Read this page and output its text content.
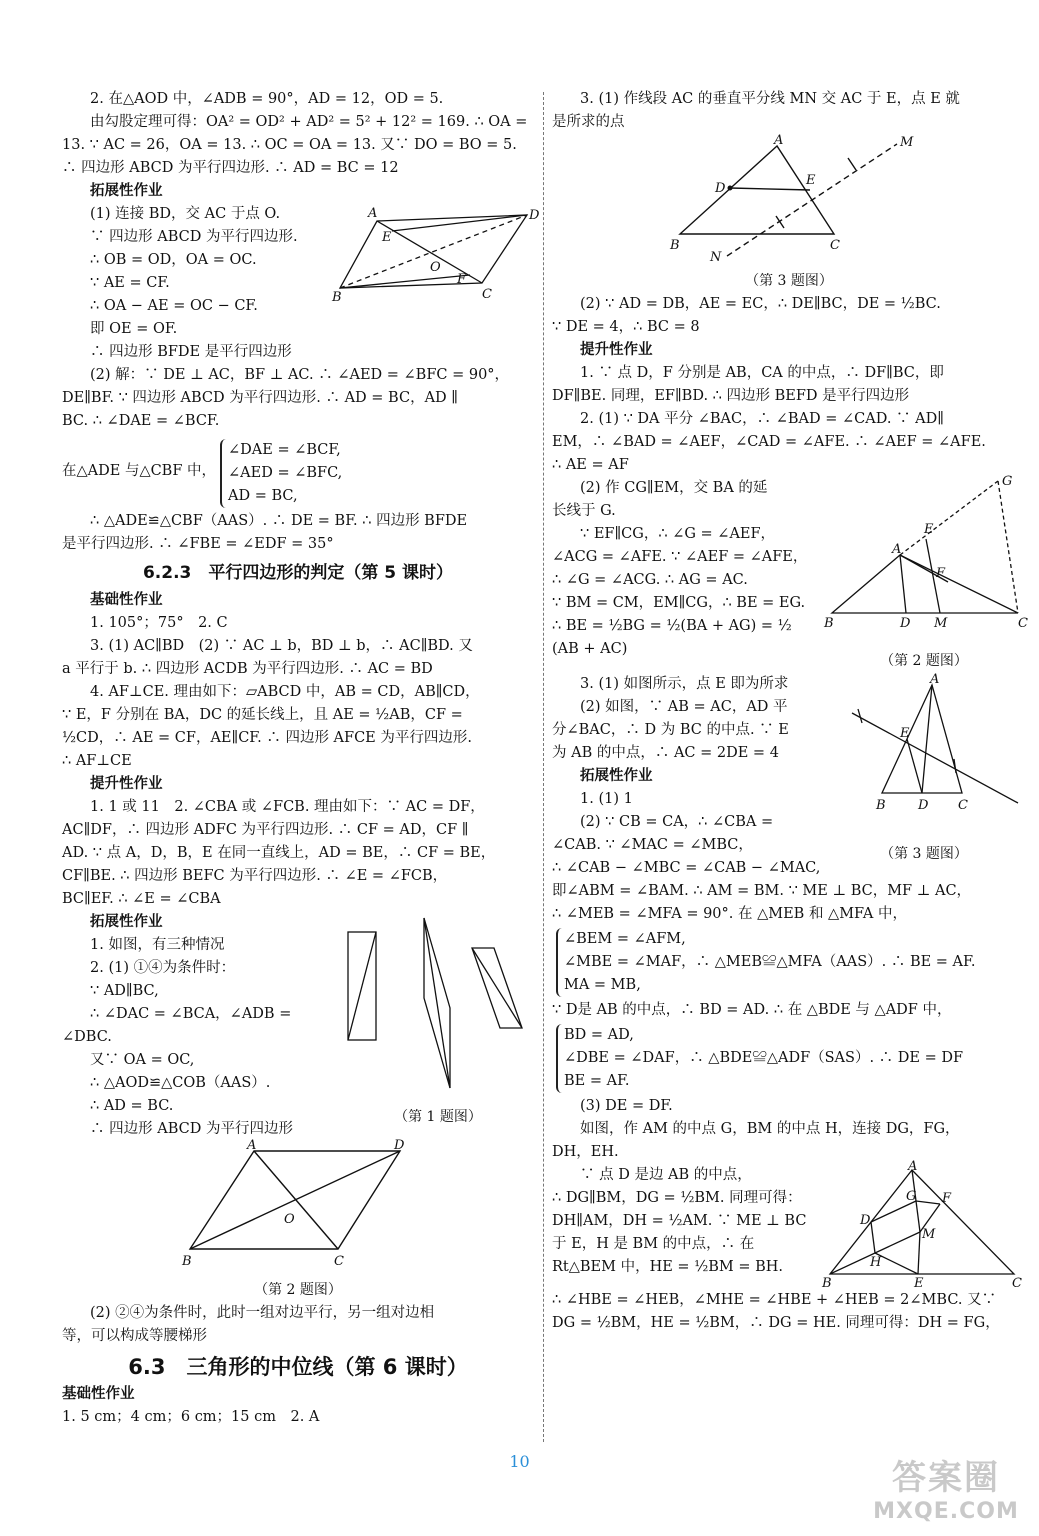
2. 在△AOD 中，∠ADB = 90°，AD = 12，OD = 5.
由勾股定理可得：OA² = OD² + AD² = 5² + 12² = 169. ∴ OA =
13. ∵ AC = 26，OA = 13. ∴ OC = OA = 13. 又∵ DO = BO = 5.
∴ 四边形 ABCD 为平行四边形. ∴ AD = BC = 12
拓展性作业
(1) 连接 BD，交 AC 于点 O.
∵ 四边形 ABCD 为平行四边形.
∴ OB = OD，OA = OC.
∵ AE = CF.
∴ OA − AE = OC − CF.
即 OE = OF.
∴ 四边形 BFDE 是平行四边形
A	D
B	C
E
F
O
(2) 解：∵ DE ⊥ AC，BF ⊥ AC. ∴ ∠AED = ∠BFC = 90°，
DE∥BF. ∵ 四边形 ABCD 为平行四边形. ∴ AD = BC，AD ∥
BC. ∴ ∠DAE = ∠BCF.
在△ADE 与△CBF 中，
∠DAE = ∠BCF,
∠AED = ∠BFC,
AD = BC,
∴ △ADE≌△CBF（AAS）. ∴ DE = BF. ∴ 四边形 BFDE
是平行四边形. ∴ ∠FBE = ∠EDF = 35°
6.2.3　平行四边形的判定（第 5 课时）
基础性作业
1. 105°；75°　2. C
3. (1) AC∥BD　(2) ∵ AC ⊥ b，BD ⊥ b，∴ AC∥BD. 又
a 平行于 b. ∴ 四边形 ACDB 为平行四边形. ∴ AC = BD
4. AF⊥CE. 理由如下：▱ABCD 中，AB = CD，AB∥CD，
∵ E，F 分别在 BA，DC 的延长线上，且 AE = ½AB，CF =
½CD，∴ AE = CF，AE∥CF. ∴ 四边形 AFCE 为平行四边形.
∴ AF⊥CE
提升性作业
1. 1 或 11　2. ∠CBA 或 ∠FCB. 理由如下：∵ AC = DF，
AC∥DF，∴ 四边形 ADFC 为平行四边形. ∴ CF = AD，CF ∥
AD. ∵ 点 A，D，B，E 在同一直线上，AD = BE，∴ CF = BE，
CF∥BE. ∴ 四边形 BEFC 为平行四边形. ∴ ∠E = ∠FCB，
BC∥EF. ∴ ∠E = ∠CBA
拓展性作业
1. 如图，有三种情况
2. (1) ①④为条件时：
∵ AD∥BC,
∴ ∠DAC = ∠BCA，∠ADB =
∠DBC.
又∵ OA = OC,
∴ △AOD≌△COB（AAS）.
∴ AD = BC.
∴ 四边形 ABCD 为平行四边形
（第 1 题图）
A	D
B	C
O
（第 2 题图）
(2) ②④为条件时，此时一组对边平行，另一组对边相
等，可以构成等腰梯形
6.3　三角形的中位线（第 6 课时）
基础性作业
1. 5 cm；4 cm；6 cm；15 cm　2. A
3. (1) 作线段 AC 的垂直平分线 MN 交 AC 于 E，点 E 就
是所求的点
A
D
E
B	C
M
N
（第 3 题图）
(2) ∵ AD = DB，AE = EC，∴ DE∥BC，DE = ½BC.
∵ DE = 4，∴ BC = 8
提升性作业
1. ∵ 点 D，F 分别是 AB，CA 的中点，∴ DF∥BC，即
DF∥BE. 同理，EF∥BD. ∴ 四边形 BEFD 是平行四边形
2. (1) ∵ DA 平分 ∠BAC，∴ ∠BAD = ∠CAD. ∵ AD∥
EM，∴ ∠BAD = ∠AEF，∠CAD = ∠AFE. ∴ ∠AEF = ∠AFE.
∴ AE = AF
(2) 作 CG∥EM，交 BA 的延
长线于 G.
∵ EF∥CG，∴ ∠G = ∠AEF，
∠ACG = ∠AFE. ∵ ∠AEF = ∠AFE，
∴ ∠G = ∠ACG. ∴ AG = AC.
∵ BM = CM，EM∥CG，∴ BE = EG.
∴ BE = ½BG = ½(BA + AG) = ½
(AB + AC)
A
E
F
G
B	D M	C
（第 2 题图）
3. (1) 如图所示，点 E 即为所求
(2) 如图，∵ AB = AC，AD 平
分∠BAC，∴ D 为 BC 的中点. ∵ E
为 AB 的中点，∴ AC = 2DE = 4
拓展性作业
1. (1) 1
(2) ∵ CB = CA，∴ ∠CBA =
∠CAB. ∵ ∠MAC = ∠MBC，
∴ ∠CAB − ∠MBC = ∠CAB − ∠MAC,
A
E
B D C
（第 3 题图）
即∠ABM = ∠BAM. ∴ AM = BM. ∵ ME ⊥ BC，MF ⊥ AC，
∴ ∠MEB = ∠MFA = 90°. 在 △MEB 和 △MFA 中，
∠BEM = ∠AFM,
∠MBE = ∠MAF，∴ △MEB≌△MFA（AAS）. ∴ BE = AF.
MA = MB,
∵ D是 AB 的中点，∴ BD = AD. ∴ 在 △BDE 与 △ADF 中，
BD = AD,
∠DBE = ∠DAF，∴ △BDE≌△ADF（SAS）. ∴ DE = DF
BE = AF.
(3) DE = DF.
如图，作 AM 的中点 G，BM 的中点 H，连接 DG，FG，
DH，EH.
∵ 点 D 是边 AB 的中点，
∴ DG∥BM，DG = ½BM. 同理可得：
DH∥AM，DH = ½AM. ∵ ME ⊥ BC
于 E，H 是 BM 的中点，∴ 在
Rt△BEM 中，HE = ½BM = BH.
A
G F
D
M
H
B	E	C
∴ ∠HBE = ∠HEB，∠MHE = ∠HBE + ∠HEB = 2∠MBC. 又∵
DG = ½BM，HE = ½BM，∴ DG = HE. 同理可得：DH = FG，
10	答案圈
MXQE.COM
